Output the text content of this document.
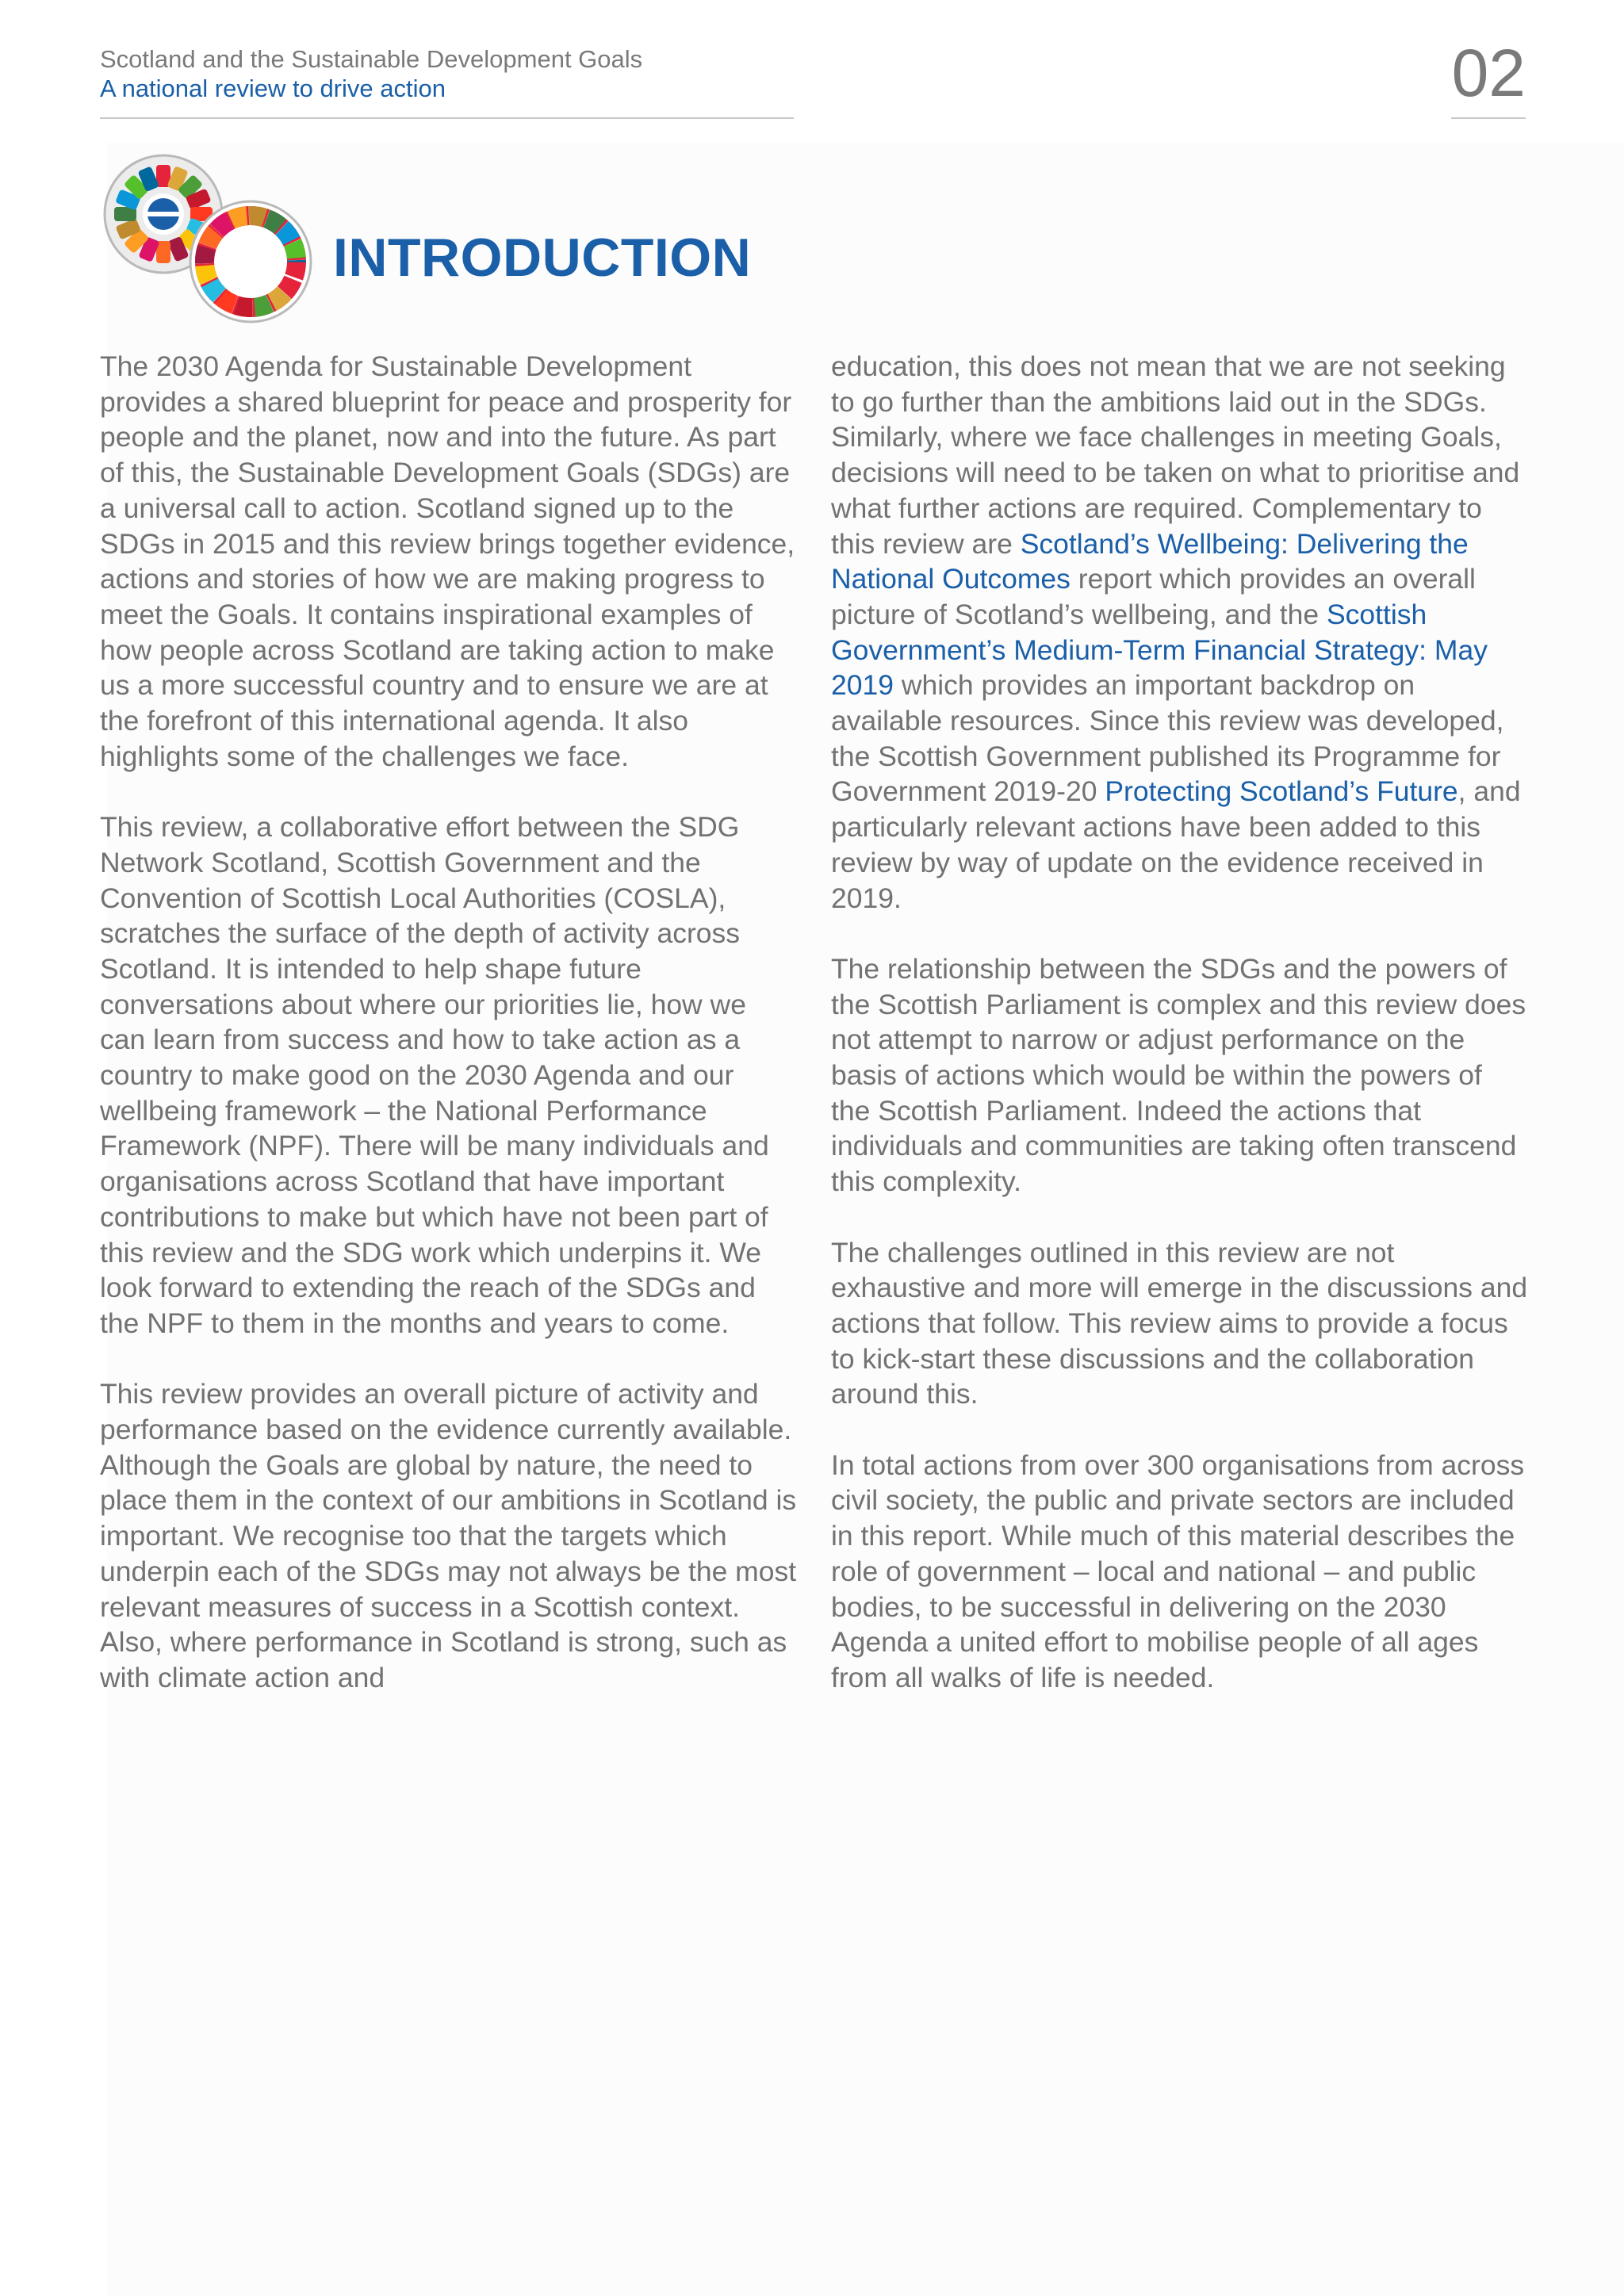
Scotland and the Sustainable Development Goals
A national review to drive action	02
INTRODUCTION

The 2030 Agenda for Sustainable Development provides a shared blueprint for peace and prosperity for people and the planet, now and into the future. As part of this, the Sustainable Development Goals (SDGs) are a universal call to action. Scotland signed up to the SDGs in 2015 and this review brings together evidence, actions and stories of how we are making progress to meet the Goals. It contains inspirational examples of how people across Scotland are taking action to make us a more successful country and to ensure we are at the forefront of this international agenda. It also highlights some of the challenges we face.

This review, a collaborative effort between the SDG Network Scotland, Scottish Government and the Convention of Scottish Local Authorities (COSLA), scratches the surface of the depth of activity across Scotland. It is intended to help shape future conversations about where our priorities lie, how we can learn from success and how to take action as a country to make good on the 2030 Agenda and our wellbeing framework – the National Performance Framework (NPF). There will be many individuals and organisations across Scotland that have important contributions to make but which have not been part of this review and the SDG work which underpins it. We look forward to extending the reach of the SDGs and the NPF to them in the months and years to come.

This review provides an overall picture of activity and performance based on the evidence currently available. Although the Goals are global by nature, the need to place them in the context of our ambitions in Scotland is important. We recognise too that the targets which underpin each of the SDGs may not always be the most relevant measures of success in a Scottish context. Also, where performance in Scotland is strong, such as with climate action and

education, this does not mean that we are not seeking to go further than the ambitions laid out in the SDGs. Similarly, where we face challenges in meeting Goals, decisions will need to be taken on what to prioritise and what further actions are required. Complementary to this review are Scotland’s Wellbeing: Delivering the National Outcomes report which provides an overall picture of Scotland’s wellbeing, and the Scottish Government’s Medium-Term Financial Strategy: May 2019 which provides an important backdrop on available resources. Since this review was developed, the Scottish Government published its Programme for Government 2019-20 Protecting Scotland’s Future, and particularly relevant actions have been added to this review by way of update on the evidence received in 2019.

The relationship between the SDGs and the powers of the Scottish Parliament is complex and this review does not attempt to narrow or adjust performance on the basis of actions which would be within the powers of the Scottish Parliament. Indeed the actions that individuals and communities are taking often transcend this complexity.

The challenges outlined in this review are not exhaustive and more will emerge in the discussions and actions that follow. This review aims to provide a focus to kick-start these discussions and the collaboration around this.

In total actions from over 300 organisations from across civil society, the public and private sectors are included in this report. While much of this material describes the role of government – local and national – and public bodies, to be successful in delivering on the 2030 Agenda a united effort to mobilise people of all ages from all walks of life is needed.
